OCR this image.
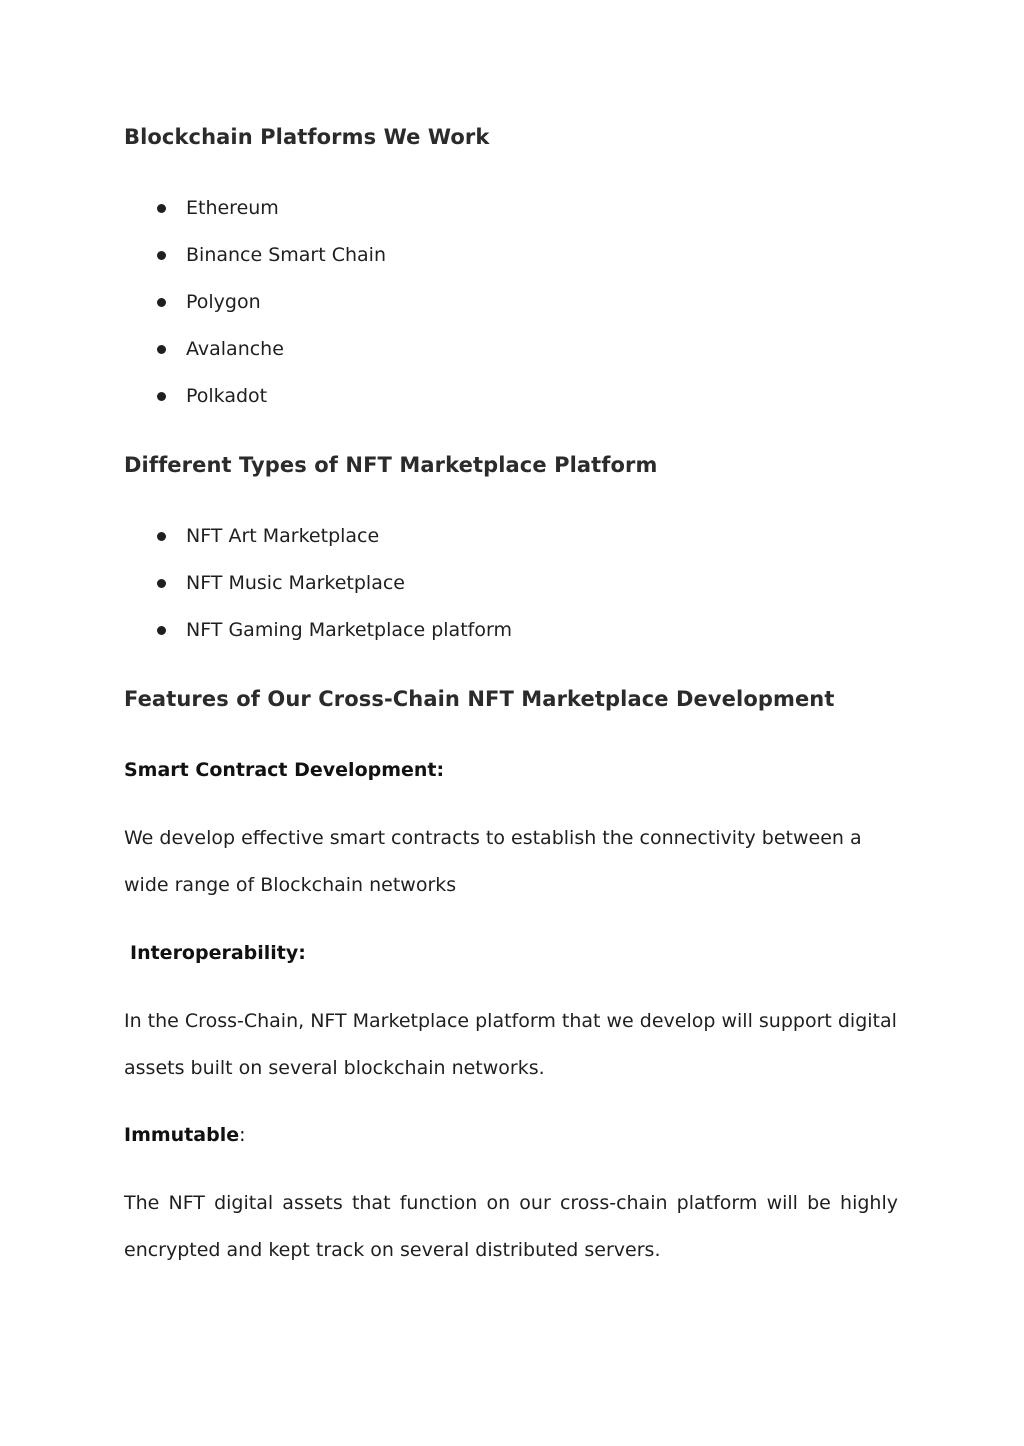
Blockchain Platforms We Work
Ethereum
Binance Smart Chain
Polygon
Avalanche
Polkadot
Different Types of NFT Marketplace Platform
NFT Art Marketplace
NFT Music Marketplace
NFT Gaming Marketplace platform
Features of Our Cross-Chain NFT Marketplace Development
Smart Contract Development:

We develop effective smart contracts to establish the connectivity between a wide range of Blockchain networks

Interoperability:

In the Cross-Chain, NFT Marketplace platform that we develop will support digital assets built on several blockchain networks.

Immutable:

The NFT digital assets that function on our cross-chain platform will be highly encrypted and kept track on several distributed servers.
